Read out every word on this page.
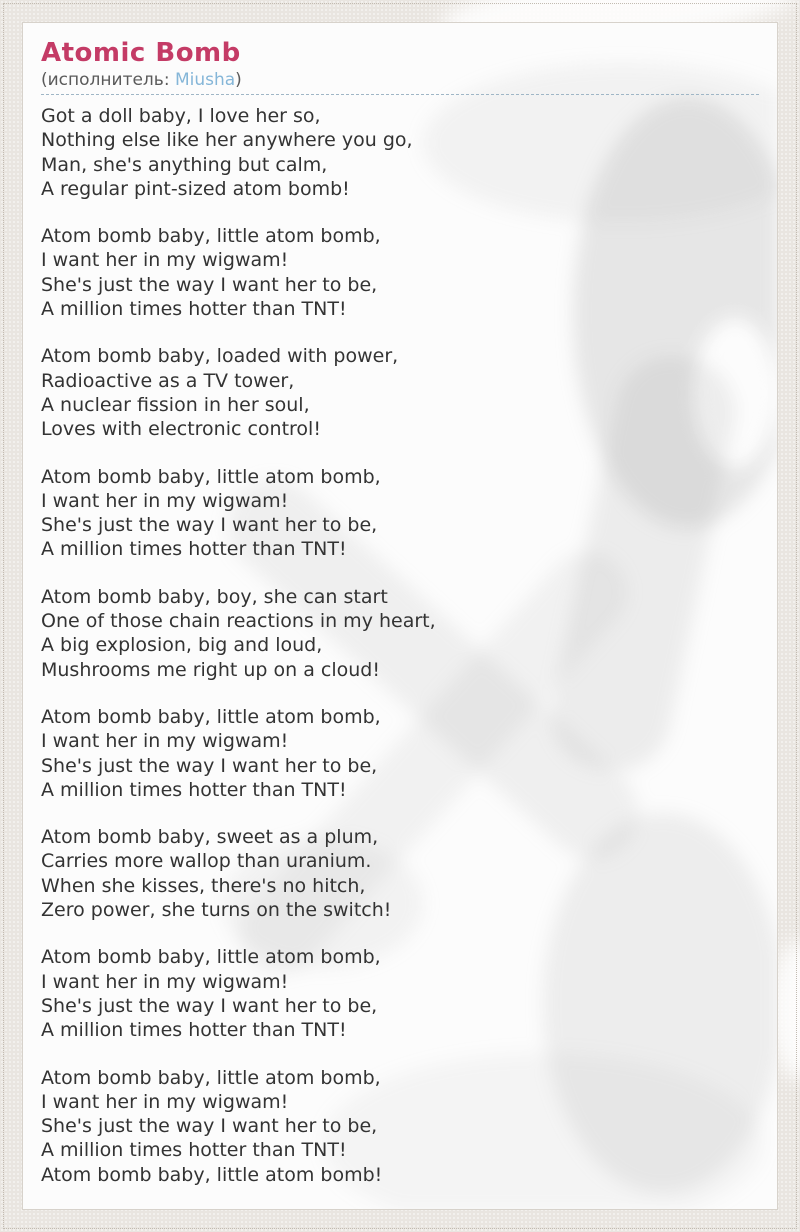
Atomic Bomb
(исполнитель: Miusha)

Got a doll baby, I love her so,
Nothing else like her anywhere you go,
Man, she's anything but calm,
A regular pint-sized atom bomb!

Atom bomb baby, little atom bomb,
I want her in my wigwam!
She's just the way I want her to be,
A million times hotter than TNT!

Atom bomb baby, loaded with power,
Radioactive as a TV tower,
A nuclear fission in her soul,
Loves with electronic control!

Atom bomb baby, little atom bomb,
I want her in my wigwam!
She's just the way I want her to be,
A million times hotter than TNT!

Atom bomb baby, boy, she can start
One of those chain reactions in my heart,
A big explosion, big and loud,
Mushrooms me right up on a cloud!

Atom bomb baby, little atom bomb,
I want her in my wigwam!
She's just the way I want her to be,
A million times hotter than TNT!

Atom bomb baby, sweet as a plum,
Carries more wallop than uranium.
When she kisses, there's no hitch,
Zero power, she turns on the switch!

Atom bomb baby, little atom bomb,
I want her in my wigwam!
She's just the way I want her to be,
A million times hotter than TNT!

Atom bomb baby, little atom bomb,
I want her in my wigwam!
She's just the way I want her to be,
A million times hotter than TNT!
Atom bomb baby, little atom bomb!
